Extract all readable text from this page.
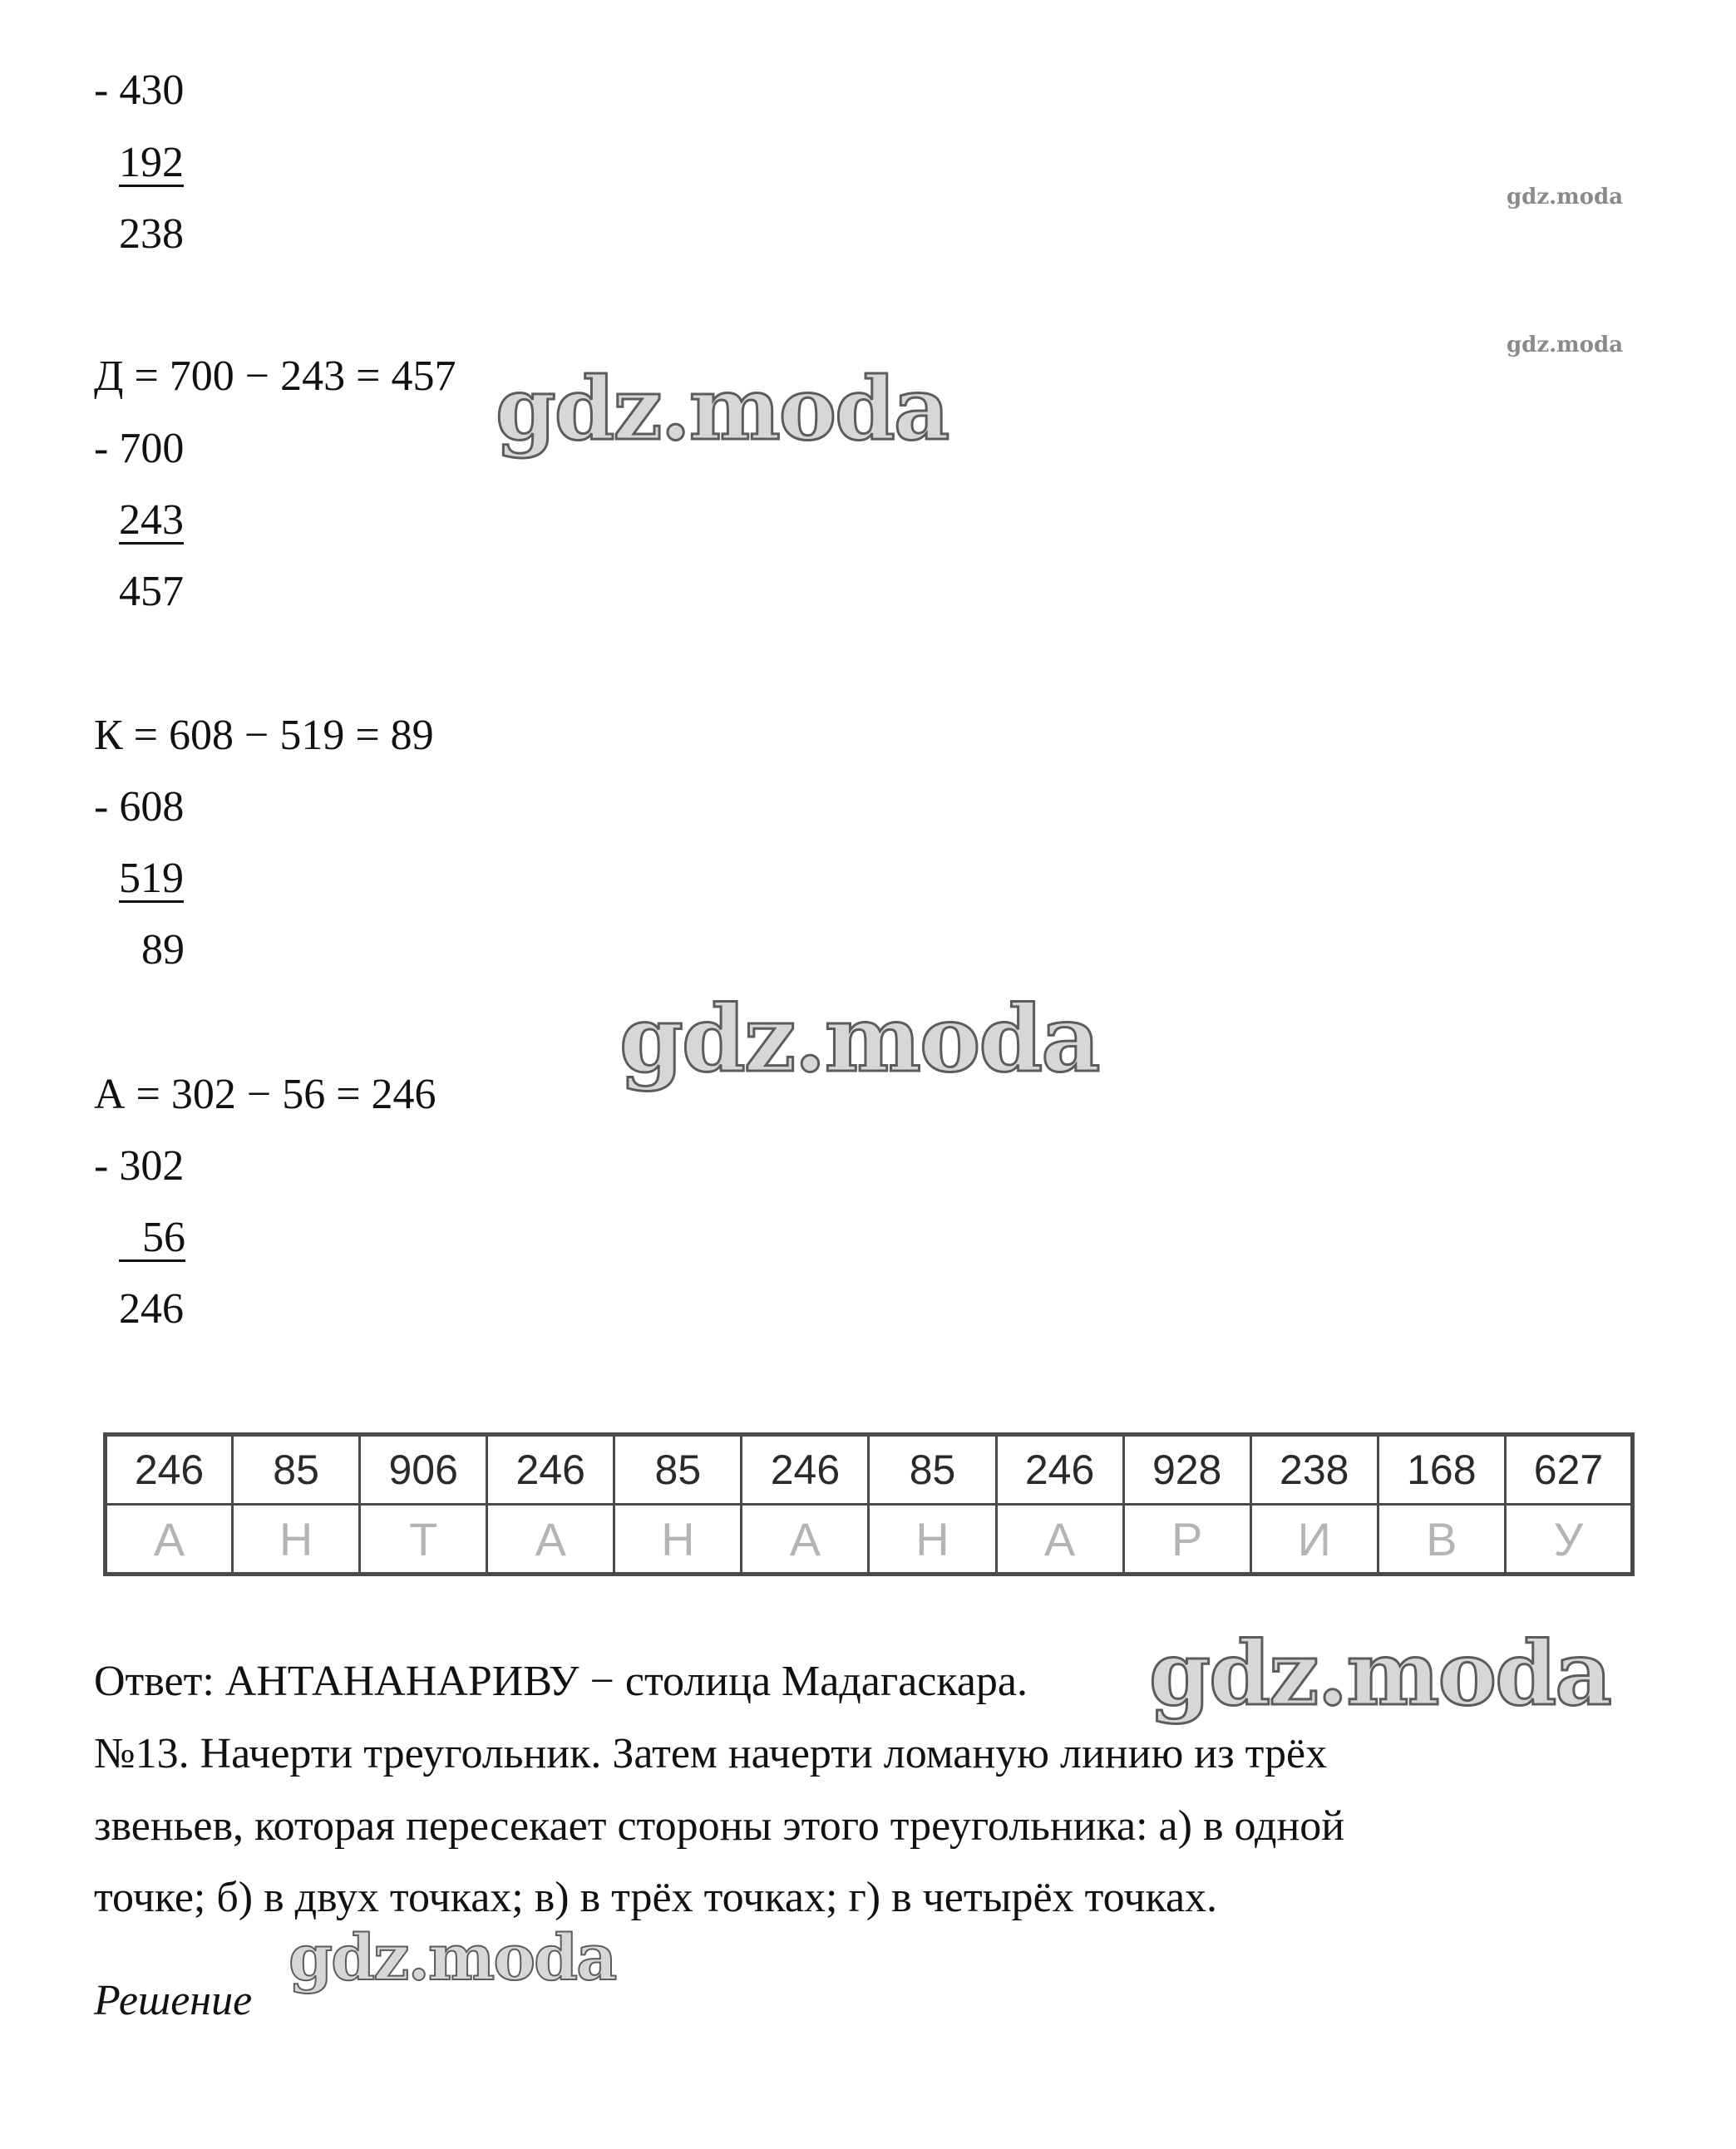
- 430
192
238
Д = 700 − 243 = 457
- 700
243
457
К = 608 − 519 = 89
- 608
519
89
А = 302 − 56 = 246
- 302
56
246
246	85	906	246	85	246	85	246	928	238	168	627
А	Н	Т	А	Н	А	Н	А	Р	И	В	У
Ответ: АНТАНАНАРИВУ − столица Мадагаскара.
№13. Начерти треугольник. Затем начерти ломаную линию из трёх
звеньев, которая пересекает стороны этого треугольника: а) в одной
точке; б) в двух точках; в) в трёх точках; г) в четырёх точках.
Решение
gdz.moda
gdz.moda
gdz.moda
gdz.moda
gdz.moda
gdz.moda
